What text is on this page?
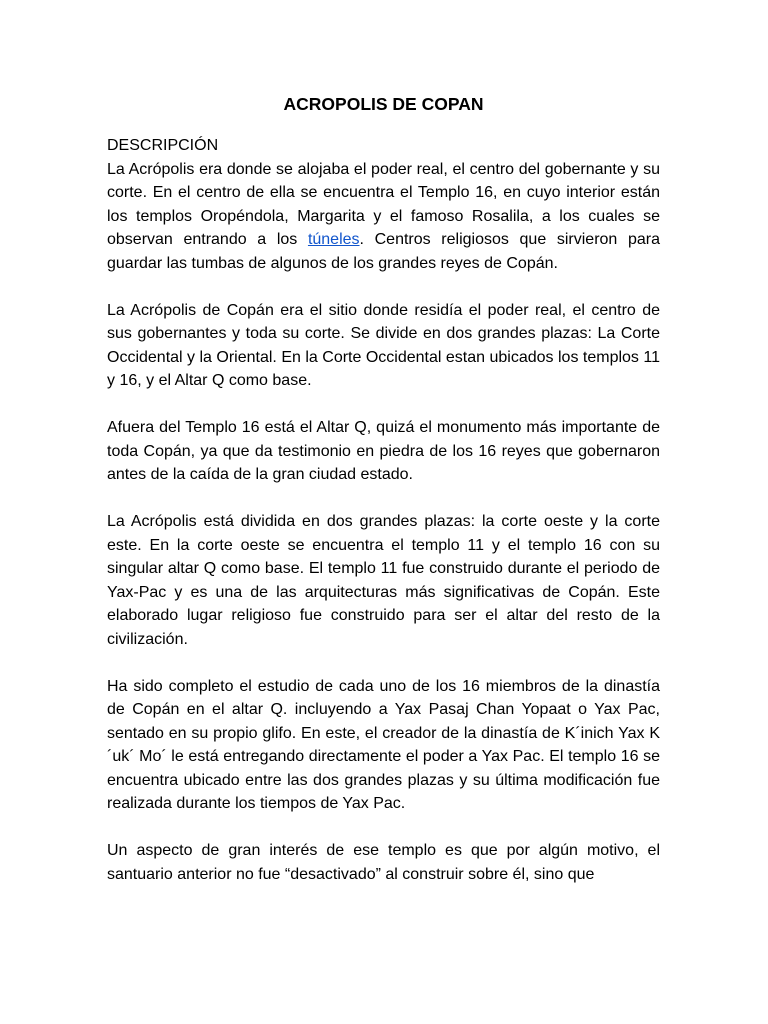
ACROPOLIS DE COPAN
DESCRIPCIÓN

La Acrópolis era donde se alojaba el poder real, el centro del gobernante y su corte. En el centro de ella se encuentra el Templo 16, en cuyo interior están los templos Oropéndola, Margarita y el famoso Rosalila, a los cuales se observan entrando a los túneles. Centros religiosos que sirvieron para guardar las tumbas de algunos de los grandes reyes de Copán.

La Acrópolis de Copán era el sitio donde residía el poder real, el centro de sus gobernantes y toda su corte. Se divide en dos grandes plazas: La Corte Occidental y la Oriental. En la Corte Occidental estan ubicados los templos 11 y 16, y el Altar Q como base.

Afuera del Templo 16 está el Altar Q, quizá el monumento más importante de toda Copán, ya que da testimonio en piedra de los 16 reyes que gobernaron antes de la caída de la gran ciudad estado.

La Acrópolis está dividida en dos grandes plazas: la corte oeste y la corte este. En la corte oeste se encuentra el templo 11 y el templo 16 con su singular altar Q como base. El templo 11 fue construido durante el periodo de Yax-Pac y es una de las arquitecturas más significativas de Copán. Este elaborado lugar religioso fue construido para ser el altar del resto de la civilización.

Ha sido completo el estudio de cada uno de los 16 miembros de la dinastía de Copán en el altar Q. incluyendo a Yax Pasaj Chan Yopaat o Yax Pac, sentado en su propio glifo. En este, el creador de la dinastía de K´inich Yax K´uk´ Mo´ le está entregando directamente el poder a Yax Pac. El templo 16 se encuentra ubicado entre las dos grandes plazas y su última modificación fue realizada durante los tiempos de Yax Pac.

Un aspecto de gran interés de ese templo es que por algún motivo, el santuario anterior no fue “desactivado” al construir sobre él, sino que
